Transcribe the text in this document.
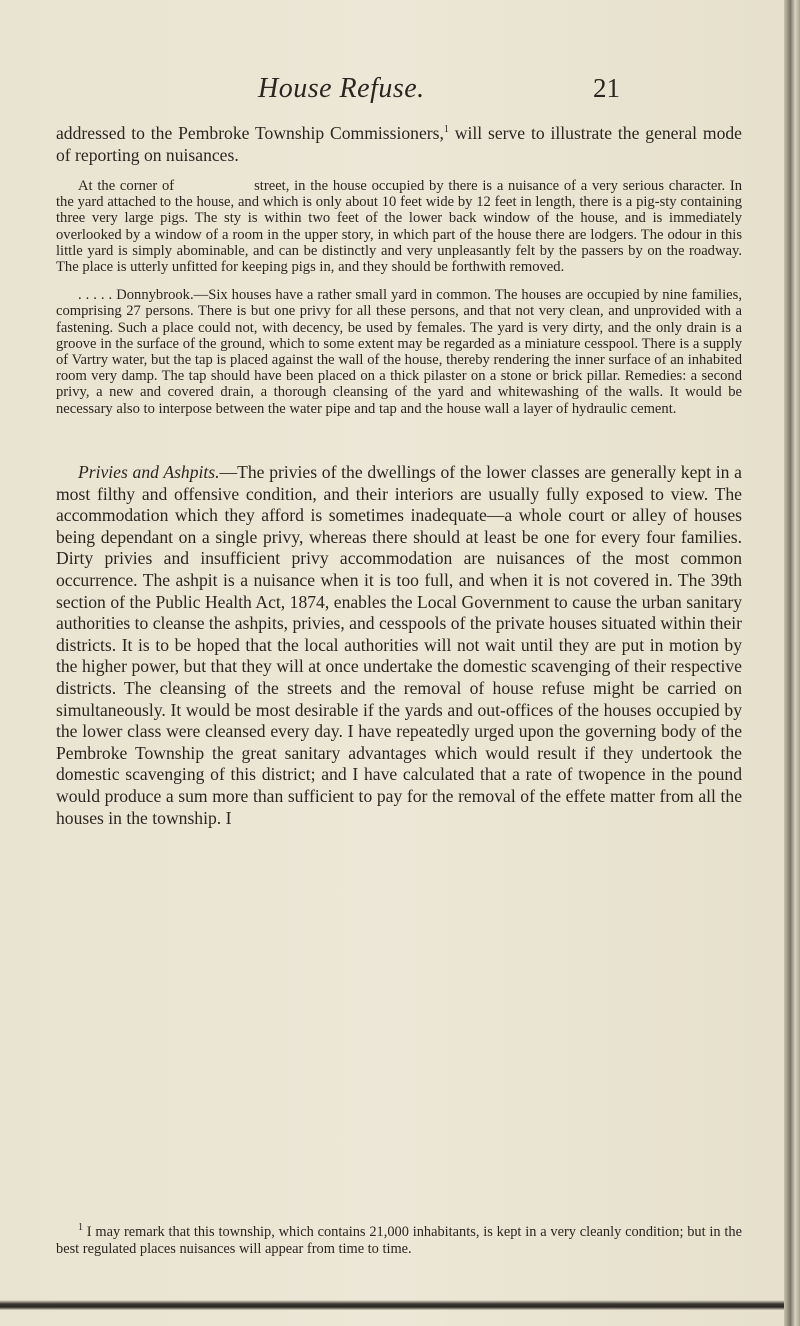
House Refuse.	21
addressed to the Pembroke Township Commissioners,$^1$ will serve to illustrate the general mode of reporting on nuisances.

At the corner of	street, in the house occupied by there is a nuisance of a very serious character. In the yard attached to the house, and which is only about 10 feet wide by 12 feet in length, there is a pig-sty containing three very large pigs. The sty is within two feet of the lower back window of the house, and is immediately overlooked by a window of a room in the upper story, in which part of the house there are lodgers. The odour in this little yard is simply abominable, and can be distinctly and very unpleasantly felt by the passers by on the roadway. The place is utterly unfitted for keeping pigs in, and they should be forthwith removed.

. . . . . Donnybrook.—Six houses have a rather small yard in common. The houses are occupied by nine families, comprising 27 persons. There is but one privy for all these persons, and that not very clean, and unprovided with a fastening. Such a place could not, with decency, be used by females. The yard is very dirty, and the only drain is a groove in the surface of the ground, which to some extent may be regarded as a miniature cesspool. There is a supply of Vartry water, but the tap is placed against the wall of the house, thereby rendering the inner surface of an inhabited room very damp. The tap should have been placed on a thick pilaster on a stone or brick pillar. Remedies: a second privy, a new and covered drain, a thorough cleansing of the yard and whitewashing of the walls. It would be necessary also to interpose between the water pipe and tap and the house wall a layer of hydraulic cement.

Privies and Ashpits.—The privies of the dwellings of the lower classes are generally kept in a most filthy and offensive condition, and their interiors are usually fully exposed to view. The accommodation which they afford is sometimes inadequate—a whole court or alley of houses being dependant on a single privy, whereas there should at least be one for every four families. Dirty privies and insufficient privy accommodation are nuisances of the most common occurrence. The ashpit is a nuisance when it is too full, and when it is not covered in. The 39th section of the Public Health Act, 1874, enables the Local Government to cause the urban sanitary authorities to cleanse the ashpits, privies, and cesspools of the private houses situated within their districts. It is to be hoped that the local authorities will not wait until they are put in motion by the higher power, but that they will at once undertake the domestic scavenging of their respective districts. The cleansing of the streets and the removal of house refuse might be carried on simultaneously. It would be most desirable if the yards and out-offices of the houses occupied by the lower class were cleansed every day. I have repeatedly urged upon the governing body of the Pembroke Township the great sanitary advantages which would result if they undertook the domestic scavenging of this district; and I have calculated that a rate of twopence in the pound would produce a sum more than sufficient to pay for the removal of the effete matter from all the houses in the township. I

$^1$ I may remark that this township, which contains 21,000 inhabitants, is kept in a very cleanly condition; but in the best regulated places nuisances will appear from time to time.
